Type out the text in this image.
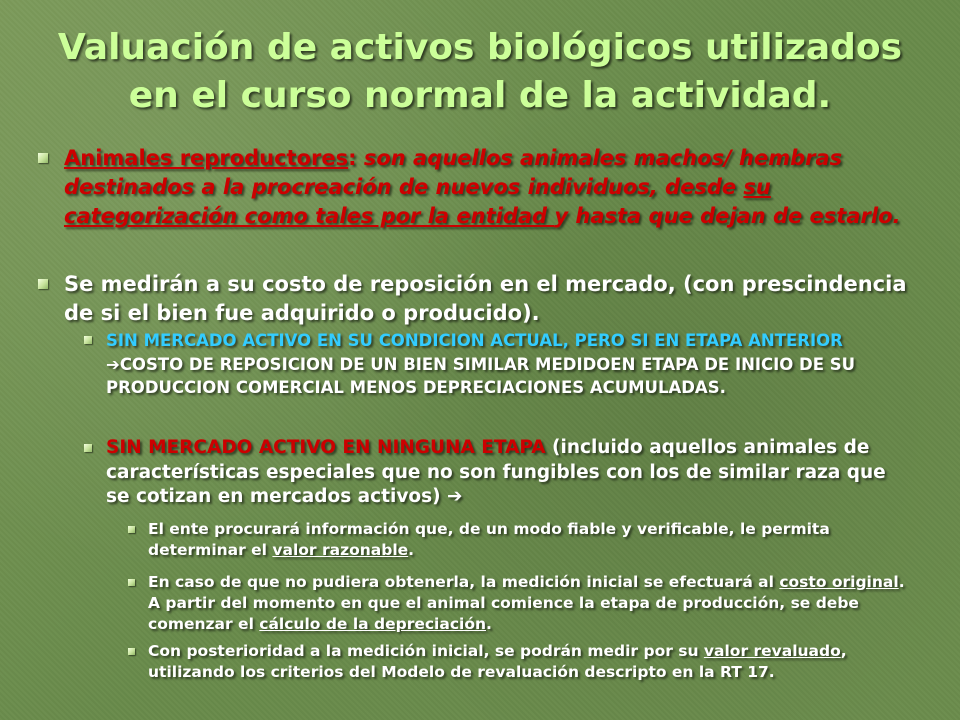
Valuación de activos biológicos utilizados
en el curso normal de la actividad.
Animales reproductores: son aquellos animales machos/ hembras destinados a la procreación de nuevos individuos, desde su categorización como tales por la entidad y hasta que dejan de estarlo.
Se medirán a su costo de reposición en el mercado, (con prescindencia de si el bien fue adquirido o producido).
SIN MERCADO ACTIVO EN SU CONDICION ACTUAL, PERO SI EN ETAPA ANTERIOR ➔COSTO DE REPOSICION DE UN BIEN SIMILAR MEDIDOEN ETAPA DE INICIO DE SU PRODUCCION COMERCIAL MENOS DEPRECIACIONES ACUMULADAS.
SIN MERCADO ACTIVO EN NINGUNA ETAPA (incluido aquellos animales de características especiales que no son fungibles con los de similar raza que se cotizan en mercados activos) ➔
El ente procurará información que, de un modo fiable y verificable, le permita determinar el valor razonable.
En caso de que no pudiera obtenerla, la medición inicial se efectuará al costo original. A partir del momento en que el animal comience la etapa de producción, se debe comenzar el cálculo de la depreciación.
Con posterioridad a la medición inicial, se podrán medir por su valor revaluado, utilizando los criterios del Modelo de revaluación descripto en la RT 17.
